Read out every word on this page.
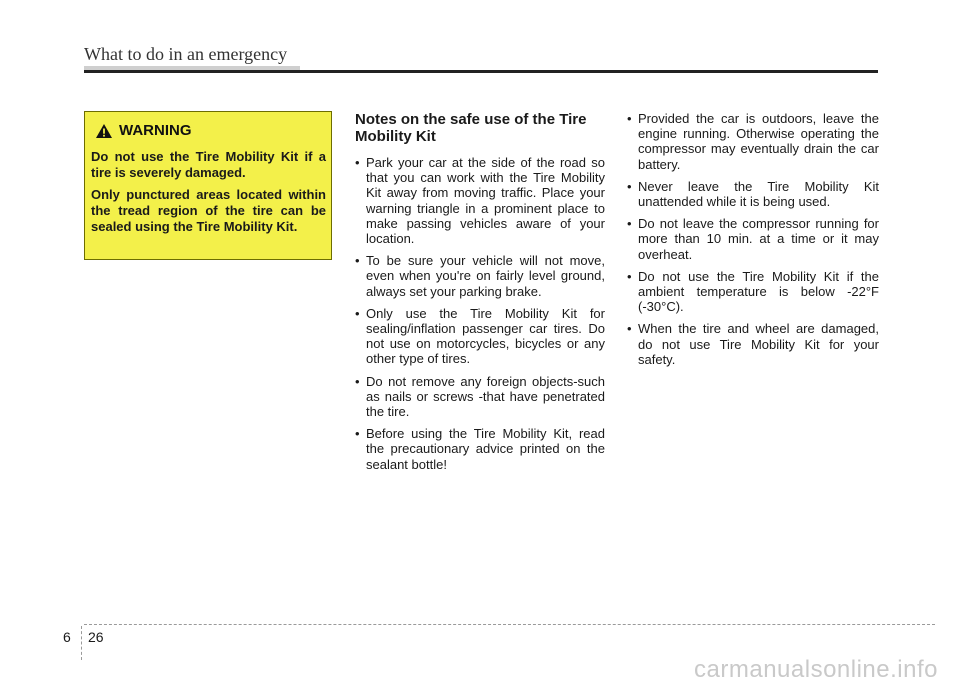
What to do in an emergency
WARNING

Do not use the Tire Mobility Kit if a tire is severely damaged.

Only punctured areas located within the tread region of the tire can be sealed using the Tire Mobility Kit.

Notes on the safe use of the Tire Mobility Kit
• Park your car at the side of the road so that you can work with the Tire Mobility Kit away from moving traffic. Place your warning triangle in a prominent place to make passing vehicles aware of your location.
• To be sure your vehicle will not move, even when you're on fairly level ground, always set your parking brake.
• Only use the Tire Mobility Kit for sealing/inflation passenger car tires. Do not use on motorcycles, bicycles or any other type of tires.
• Do not remove any foreign objects-such as nails or screws -that have penetrated the tire.
• Before using the Tire Mobility Kit, read the precautionary advice printed on the sealant bottle!
• Provided the car is outdoors, leave the engine running. Otherwise operating the compressor may eventually drain the car battery.
• Never leave the Tire Mobility Kit unattended while it is being used.
• Do not leave the compressor running for more than 10 min. at a time or it may overheat.
• Do not use the Tire Mobility Kit if the ambient temperature is below -22°F (-30°C).
• When the tire and wheel are damaged, do not use Tire Mobility Kit for your safety.
6 26
carmanualsonline.info
